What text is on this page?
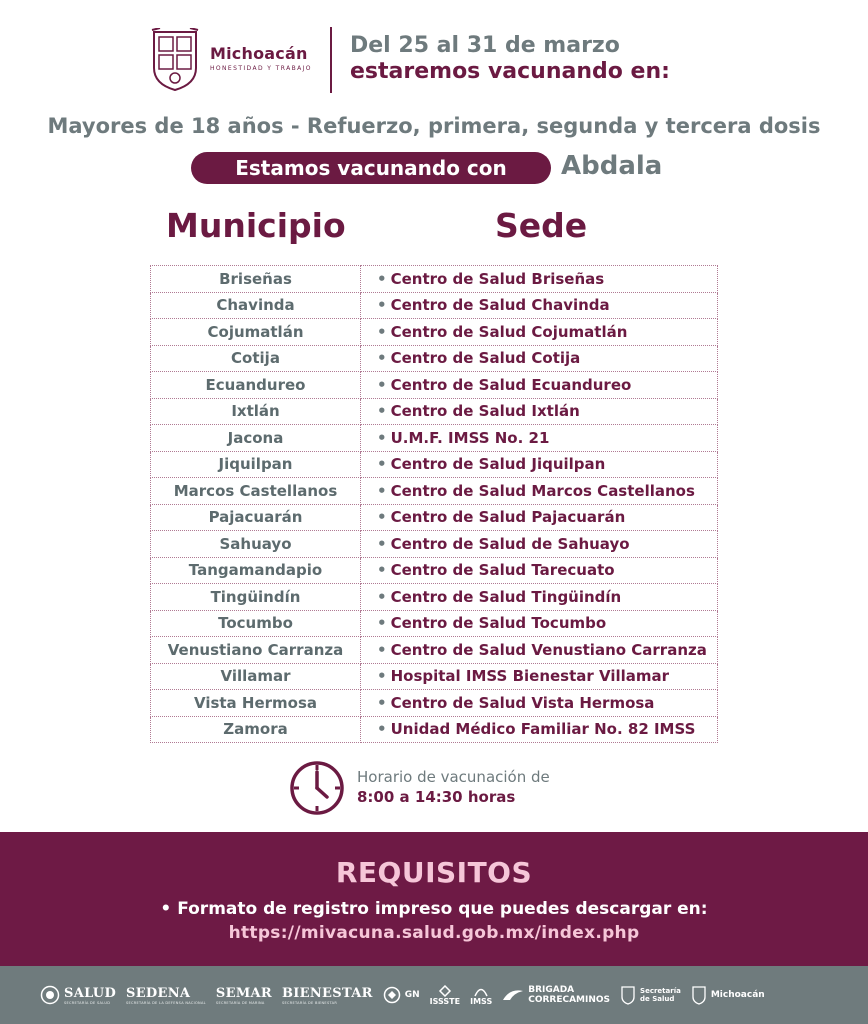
Michoacán
HONESTIDAD Y TRABAJO
Del 25 al 31 de marzo
estaremos vacunando en:
Mayores de 18 años - Refuerzo, primera, segunda y tercera dosis
Estamos vacunando con	Abdala
Municipio	Sede
Briseñas	• Centro de Salud Briseñas
Chavinda	• Centro de Salud Chavinda
Cojumatlán	• Centro de Salud Cojumatlán
Cotija	• Centro de Salud Cotija
Ecuandureo	• Centro de Salud Ecuandureo
Ixtlán	• Centro de Salud Ixtlán
Jacona	• U.M.F. IMSS No. 21
Jiquilpan	• Centro de Salud Jiquilpan
Marcos Castellanos	• Centro de Salud Marcos Castellanos
Pajacuarán	• Centro de Salud Pajacuarán
Sahuayo	• Centro de Salud de Sahuayo
Tangamandapio	• Centro de Salud Tarecuato
Tingüindín	• Centro de Salud Tingüindín
Tocumbo	• Centro de Salud Tocumbo
Venustiano Carranza	• Centro de Salud Venustiano Carranza
Villamar	• Hospital IMSS Bienestar Villamar
Vista Hermosa	• Centro de Salud Vista Hermosa
Zamora	• Unidad Médico Familiar No. 82 IMSS
Horario de vacunación de
8:00 a 14:30 horas
REQUISITOS
• Formato de registro impreso que puedes descargar en:
https://mivacuna.salud.gob.mx/index.php
SALUD
SECRETARÍA DE SALUD
SEDENA
SECRETARÍA DE LA DEFENSA NACIONAL
SEMAR
SECRETARÍA DE MARINA
BIENESTAR
SECRETARÍA DE BIENESTAR
GN
ISSSTE IMSS
BRIGADA
CORRECAMINOS
Secretaría
de Salud	Michoacán
